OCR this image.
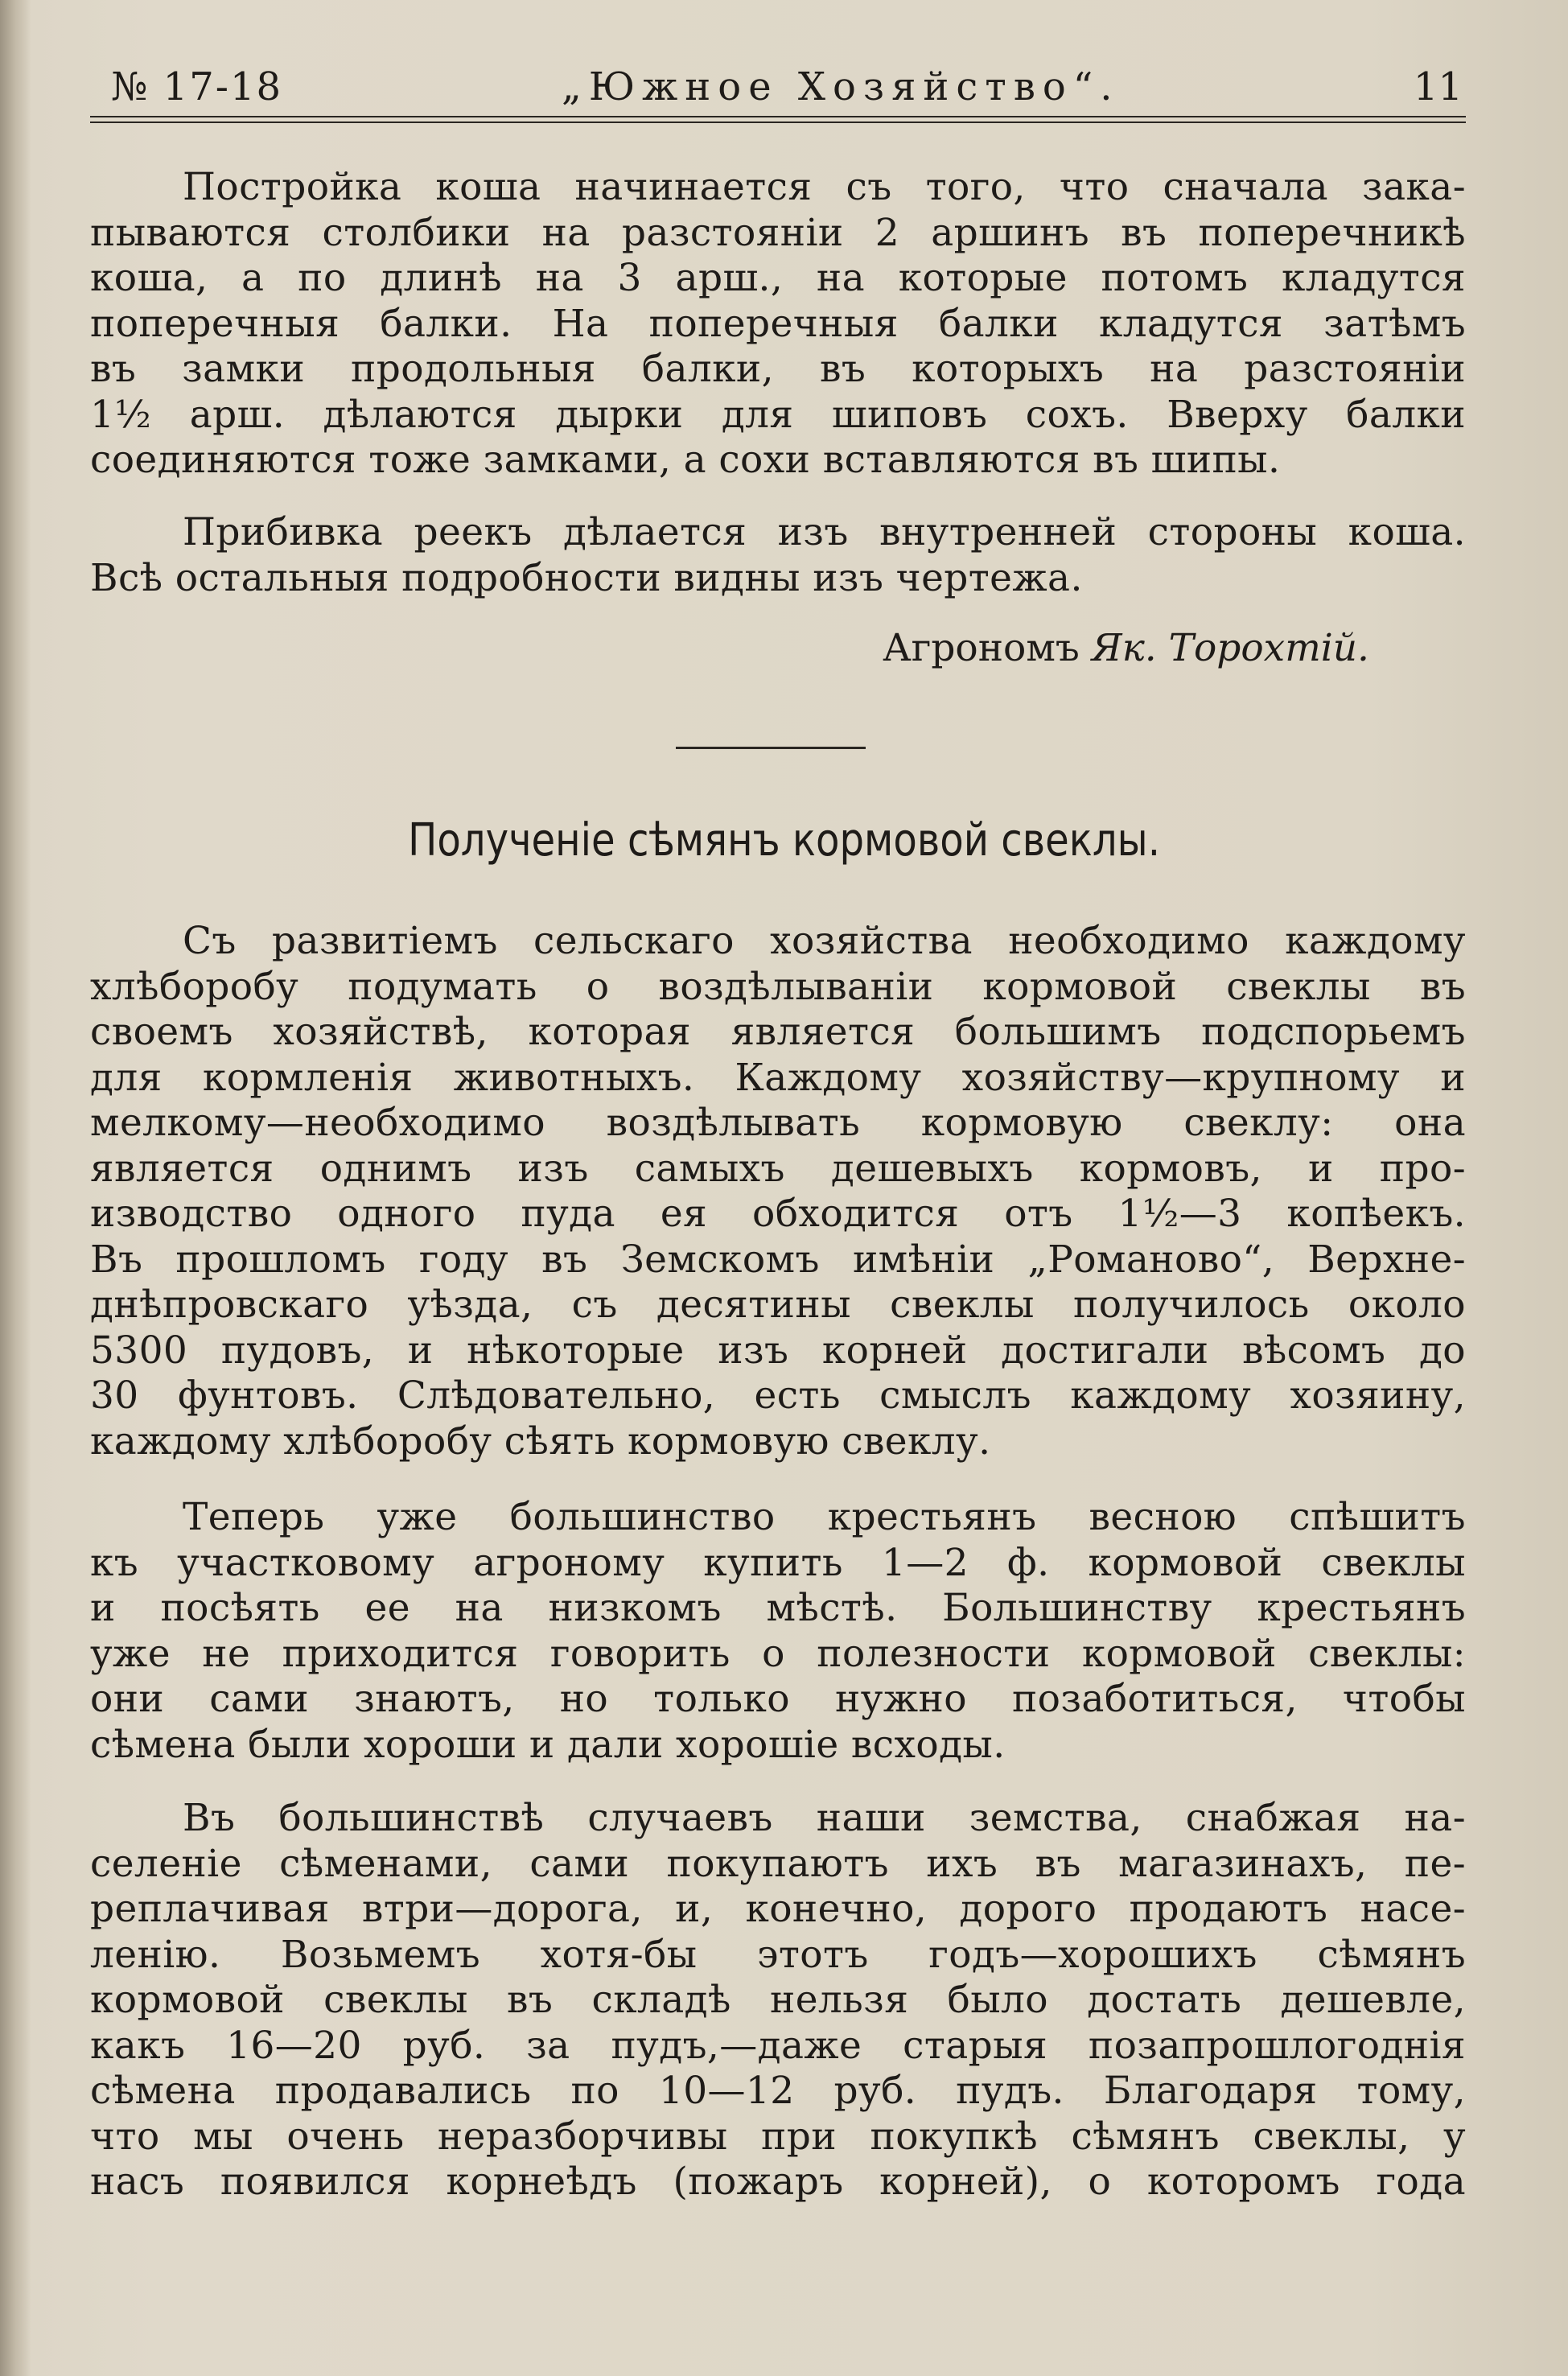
№ 17-18	„Южное Хозяйство“.	11
Постройка коша начинается съ того, что сначала зака-
пываются столбики на разстояніи 2 аршинъ въ поперечникѣ
коша, а по длинѣ на 3 арш., на которые потомъ кладутся
поперечныя балки. На поперечныя балки кладутся затѣмъ
въ замки продольныя балки, въ которыхъ на разстояніи
1½ арш. дѣлаются дырки для шиповъ сохъ. Вверху балки
соединяются тоже замками, а сохи вставляются въ шипы.
Прибивка реекъ дѣлается изъ внутренней стороны коша.
Всѣ остальныя подробности видны изъ чертежа.
Агрономъ Як. Торохтій.
Полученіе сѣмянъ кормовой свеклы.
Съ развитіемъ сельскаго хозяйства необходимо каждому
хлѣборобу подумать о воздѣлываніи кормовой свеклы въ
своемъ хозяйствѣ, которая является большимъ подспорьемъ
для кормленія животныхъ. Каждому хозяйству—крупному и
мелкому—необходимо воздѣлывать кормовую свеклу: она
является однимъ изъ самыхъ дешевыхъ кормовъ, и про-
изводство одного пуда ея обходится отъ 1½—3 копѣекъ.
Въ прошломъ году въ Земскомъ имѣніи „Романово“, Верхне-
днѣпровскаго уѣзда, съ десятины свеклы получилось около
5300 пудовъ, и нѣкоторые изъ корней достигали вѣсомъ до
30 фунтовъ. Слѣдовательно, есть смыслъ каждому хозяину,
каждому хлѣборобу сѣять кормовую свеклу.
Теперь уже большинство крестьянъ весною спѣшитъ
къ участковому агроному купить 1—2 ф. кормовой свеклы
и посѣять ее на низкомъ мѣстѣ. Большинству крестьянъ
уже не приходится говорить о полезности кормовой свеклы:
они сами знаютъ, но только нужно позаботиться, чтобы
сѣмена были хороши и дали хорошіе всходы.
Въ большинствѣ случаевъ наши земства, снабжая на-
селеніе сѣменами, сами покупаютъ ихъ въ магазинахъ, пе-
реплачивая втри—дорога, и, конечно, дорого продаютъ насе-
ленію. Возьмемъ хотя-бы этотъ годъ—хорошихъ сѣмянъ
кормовой свеклы въ складѣ нельзя было достать дешевле,
какъ 16—20 руб. за пудъ,—даже старыя позапрошлогоднія
сѣмена продавались по 10—12 руб. пудъ. Благодаря тому,
что мы очень неразборчивы при покупкѣ сѣмянъ свеклы, у
насъ появился корнеѣдъ (пожаръ корней), о которомъ года
